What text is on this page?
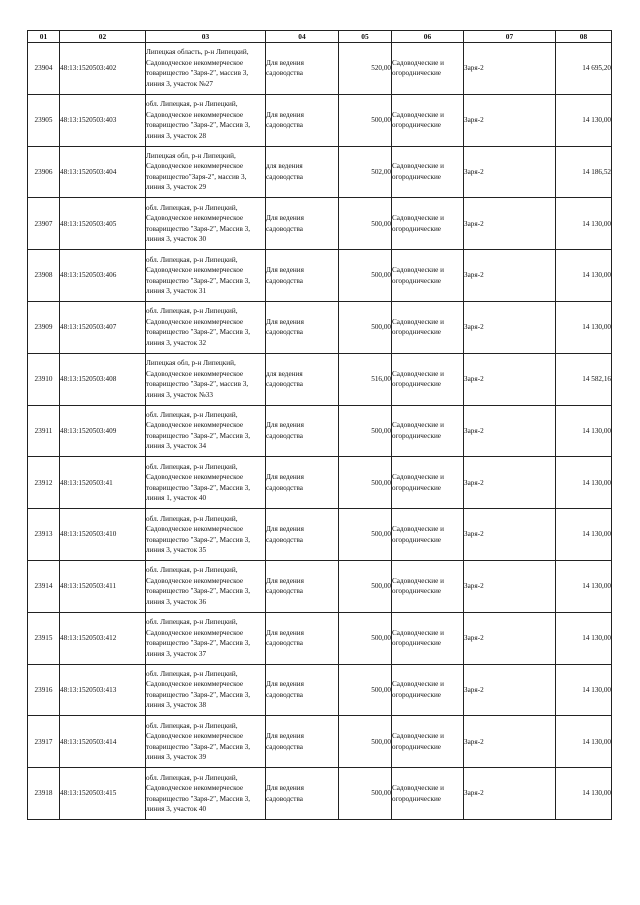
01	02	03	04	05	06	07	08
23904	48:13:1520503:402	Липецкая область, р-н Липецкий, Садоводческое некоммерческое товарищество "Заря-2", массив 3, линия 3, участок №27	Для ведения садоводства	520,00	Садоводческие и огороднические	Заря-2	14 695,20
23905	48:13:1520503:403	обл. Липецкая, р-н Липецкий, Садоводческое некоммерческое товарищество "Заря-2", Массив 3, линия 3, участок 28	Для ведения садоводства	500,00	Садоводческие и огороднические	Заря-2	14 130,00
23906	48:13:1520503:404	Липецкая обл, р-н Липецкий, Садоводческое некоммерческое товарищество"Заря-2", массив 3, линия 3, участок 29	для ведения садоводства	502,00	Садоводческие и огороднические	Заря-2	14 186,52
23907	48:13:1520503:405	обл. Липецкая, р-н Липецкий, Садоводческое некоммерческое товарищество "Заря-2", Массив 3, линия 3, участок 30	Для ведения садоводства	500,00	Садоводческие и огороднические	Заря-2	14 130,00
23908	48:13:1520503:406	обл. Липецкая, р-н Липецкий, Садоводческое некоммерческое товарищество "Заря-2", Массив 3, линия 3, участок 31	Для ведения садоводства	500,00	Садоводческие и огороднические	Заря-2	14 130,00
23909	48:13:1520503:407	обл. Липецкая, р-н Липецкий, Садоводческое некоммерческое товарищество "Заря-2", Массив 3, линия 3, участок 32	Для ведения садоводства	500,00	Садоводческие и огороднические	Заря-2	14 130,00
23910	48:13:1520503:408	Липецкая обл, р-н Липецкий, Садоводческое некоммерческое товарищество "Заря-2", массив 3, линия 3, участок №33	для ведения садоводства	516,00	Садоводческие и огороднические	Заря-2	14 582,16
23911	48:13:1520503:409	обл. Липецкая, р-н Липецкий, Садоводческое некоммерческое товарищество "Заря-2", Массив 3, линия 3, участок 34	Для ведения садоводства	500,00	Садоводческие и огороднические	Заря-2	14 130,00
23912	48:13:1520503:41	обл. Липецкая, р-н Липецкий, Садоводческое некоммерческое товарищество "Заря-2", Массив 3, линия 1, участок 40	Для ведения садоводства	500,00	Садоводческие и огороднические	Заря-2	14 130,00
23913	48:13:1520503:410	обл. Липецкая, р-н Липецкий, Садоводческое некоммерческое товарищество "Заря-2", Массив 3, линия 3, участок 35	Для ведения садоводства	500,00	Садоводческие и огороднические	Заря-2	14 130,00
23914	48:13:1520503:411	обл. Липецкая, р-н Липецкий, Садоводческое некоммерческое товарищество "Заря-2", Массив 3, линия 3, участок 36	Для ведения садоводства	500,00	Садоводческие и огороднические	Заря-2	14 130,00
23915	48:13:1520503:412	обл. Липецкая, р-н Липецкий, Садоводческое некоммерческое товарищество "Заря-2", Массив 3, линия 3, участок 37	Для ведения садоводства	500,00	Садоводческие и огороднические	Заря-2	14 130,00
23916	48:13:1520503:413	обл. Липецкая, р-н Липецкий, Садоводческое некоммерческое товарищество "Заря-2", Массив 3, линия 3, участок 38	Для ведения садоводства	500,00	Садоводческие и огороднические	Заря-2	14 130,00
23917	48:13:1520503:414	обл. Липецкая, р-н Липецкий, Садоводческое некоммерческое товарищество "Заря-2", Массив 3, линия 3, участок 39	Для ведения садоводства	500,00	Садоводческие и огороднические	Заря-2	14 130,00
23918	48:13:1520503:415	обл. Липецкая, р-н Липецкий, Садоводческое некоммерческое товарищество "Заря-2", Массив 3, линия 3, участок 40	Для ведения садоводства	500,00	Садоводческие и огороднические	Заря-2	14 130,00
